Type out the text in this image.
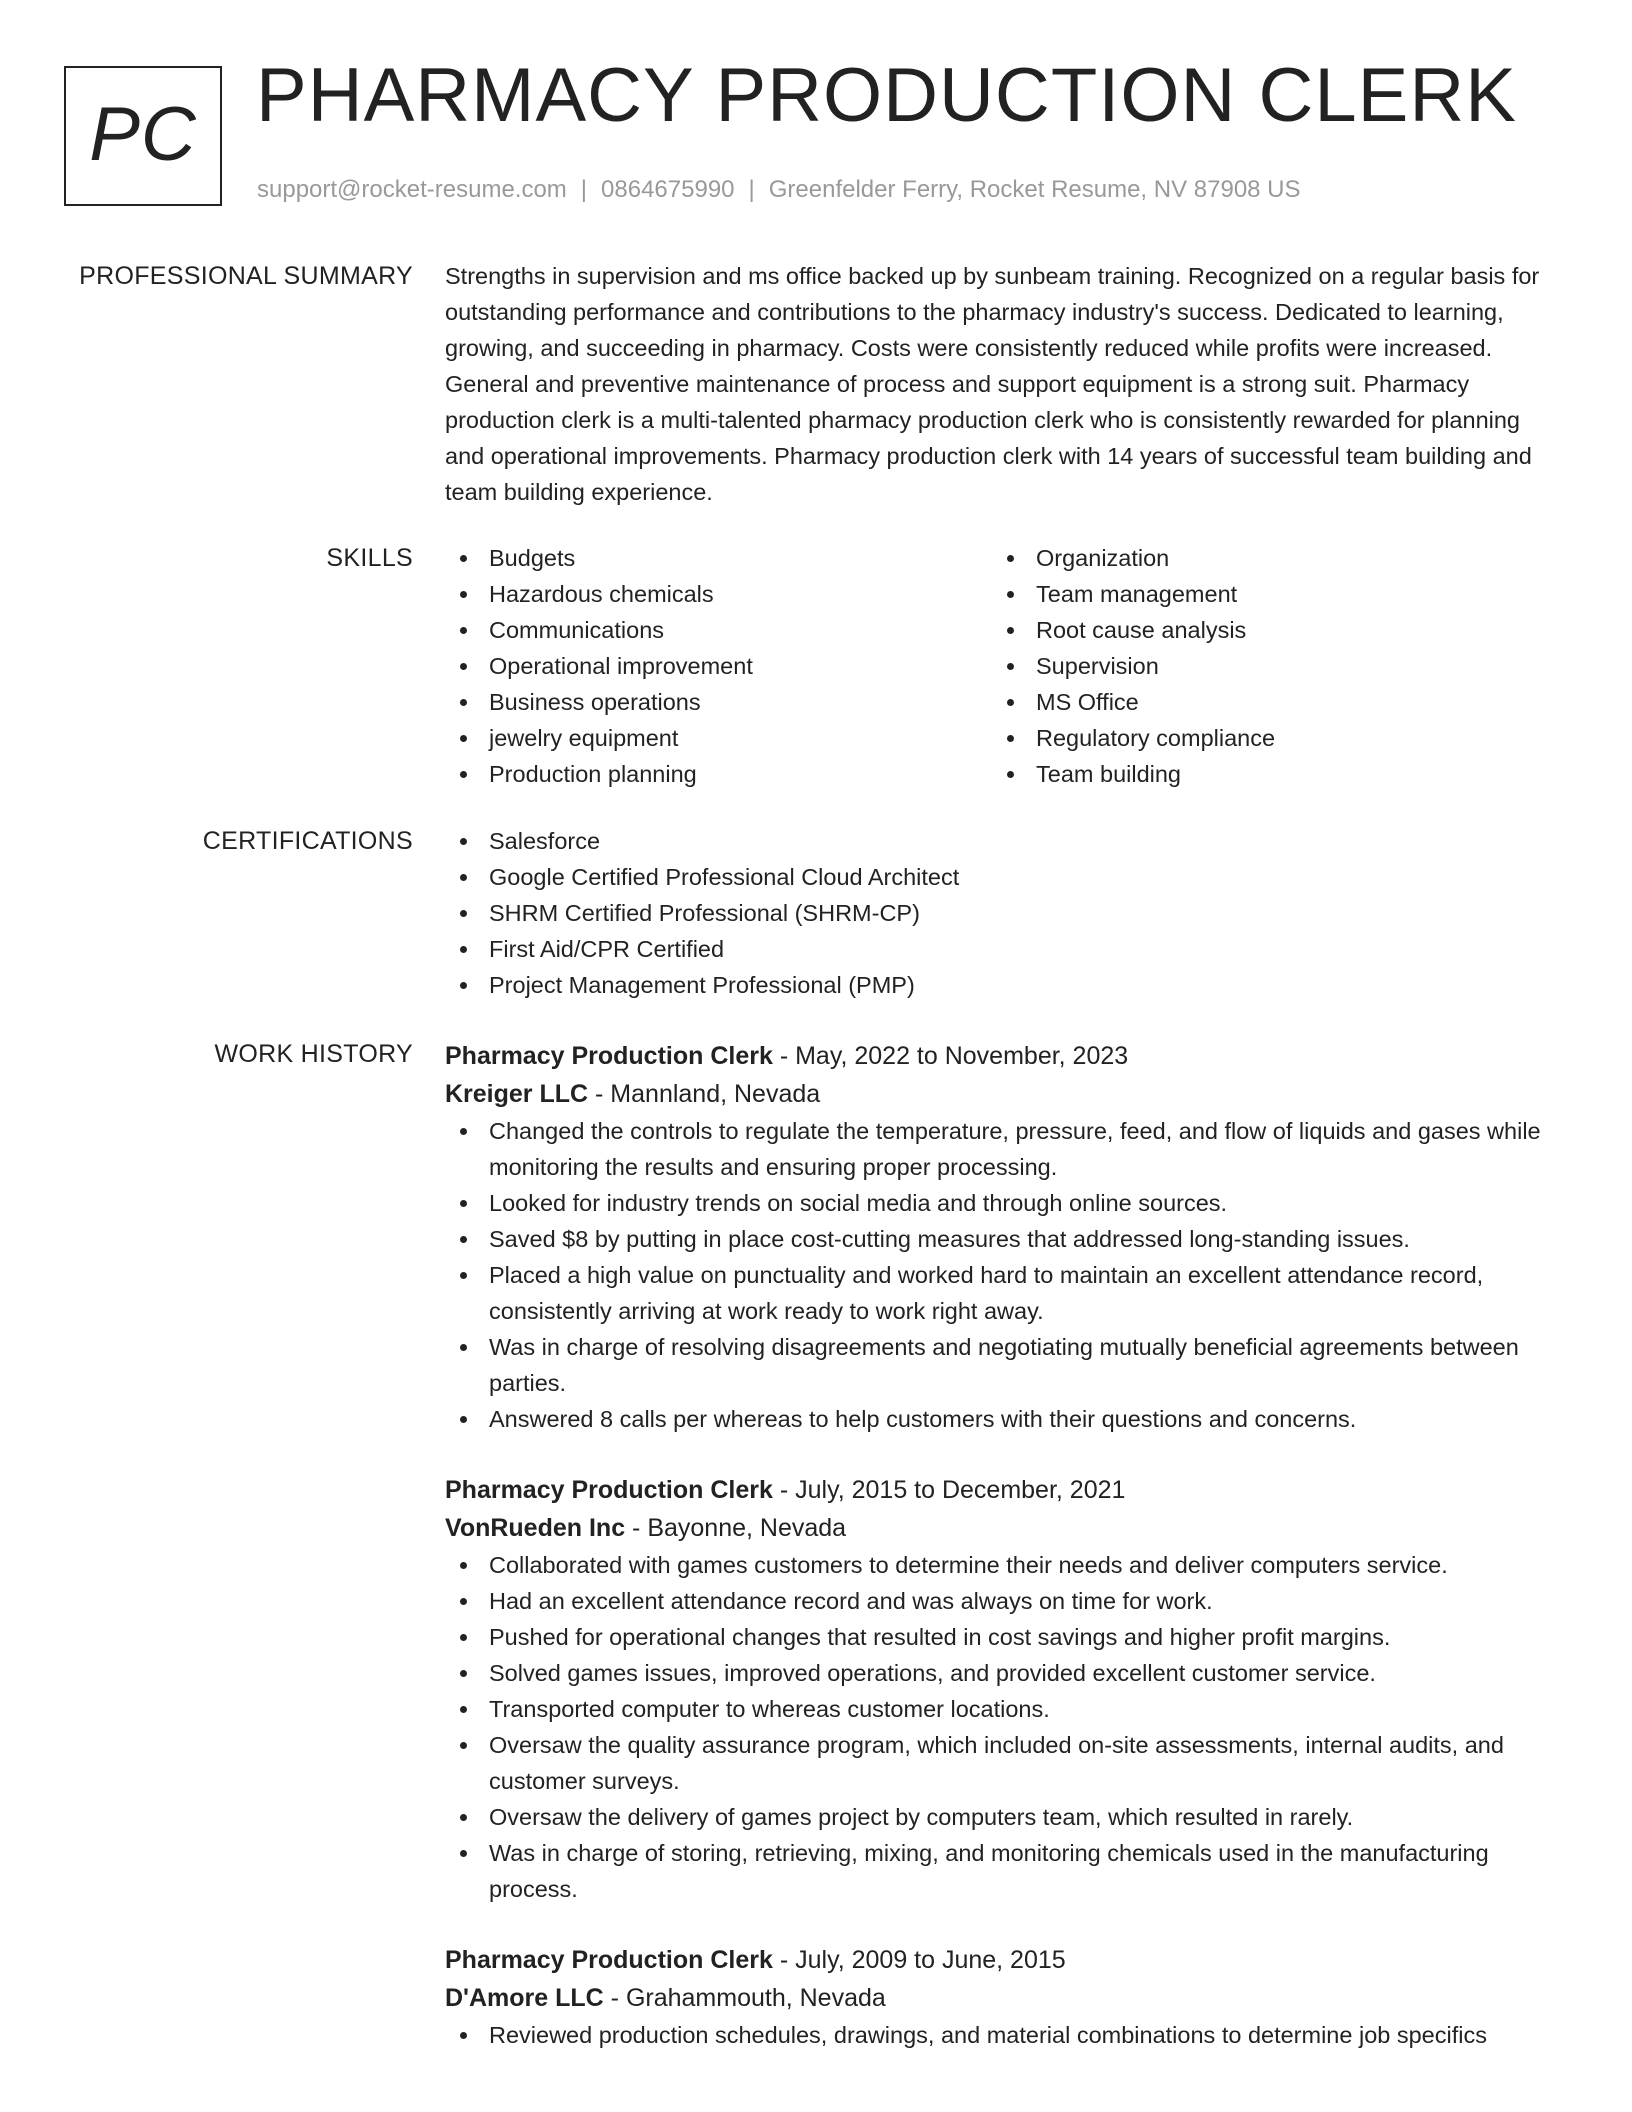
PC PHARMACY PRODUCTION CLERK
support@rocket-resume.com | 0864675990 | Greenfelder Ferry, Rocket Resume, NV 87908 US
PROFESSIONAL SUMMARY Strengths in supervision and ms office backed up by sunbeam training. Recognized on a regular basis for outstanding performance and contributions to the pharmacy industry's success. Dedicated to learning, growing, and succeeding in pharmacy. Costs were consistently reduced while profits were increased. General and preventive maintenance of process and support equipment is a strong suit. Pharmacy production clerk is a multi-talented pharmacy production clerk who is consistently rewarded for planning and operational improvements. Pharmacy production clerk with 14 years of successful team building and team building experience.
SKILLS	Budgets
Hazardous chemicals
Communications
Operational improvement
Business operations
jewelry equipment
Production planning
Organization
Team management
Root cause analysis
Supervision
MS Office
Regulatory compliance
Team building
CERTIFICATIONS	Salesforce
Google Certified Professional Cloud Architect
SHRM Certified Professional (SHRM-CP)
First Aid/CPR Certified
Project Management Professional (PMP)
WORK HISTORY Pharmacy Production Clerk - May, 2022 to November, 2023
Kreiger LLC - Mannland, Nevada
Changed the controls to regulate the temperature, pressure, feed, and flow of liquids and gases while monitoring the results and ensuring proper processing.
Looked for industry trends on social media and through online sources.
Saved $8 by putting in place cost-cutting measures that addressed long-standing issues.
Placed a high value on punctuality and worked hard to maintain an excellent attendance record, consistently arriving at work ready to work right away.
Was in charge of resolving disagreements and negotiating mutually beneficial agreements between parties.
Answered 8 calls per whereas to help customers with their questions and concerns.
Pharmacy Production Clerk - July, 2015 to December, 2021
VonRueden Inc - Bayonne, Nevada
Collaborated with games customers to determine their needs and deliver computers service.
Had an excellent attendance record and was always on time for work.
Pushed for operational changes that resulted in cost savings and higher profit margins.
Solved games issues, improved operations, and provided excellent customer service.
Transported computer to whereas customer locations.
Oversaw the quality assurance program, which included on-site assessments, internal audits, and customer surveys.
Oversaw the delivery of games project by computers team, which resulted in rarely.
Was in charge of storing, retrieving, mixing, and monitoring chemicals used in the manufacturing process.
Pharmacy Production Clerk - July, 2009 to June, 2015
D'Amore LLC - Grahammouth, Nevada
Reviewed production schedules, drawings, and material combinations to determine job specifics
